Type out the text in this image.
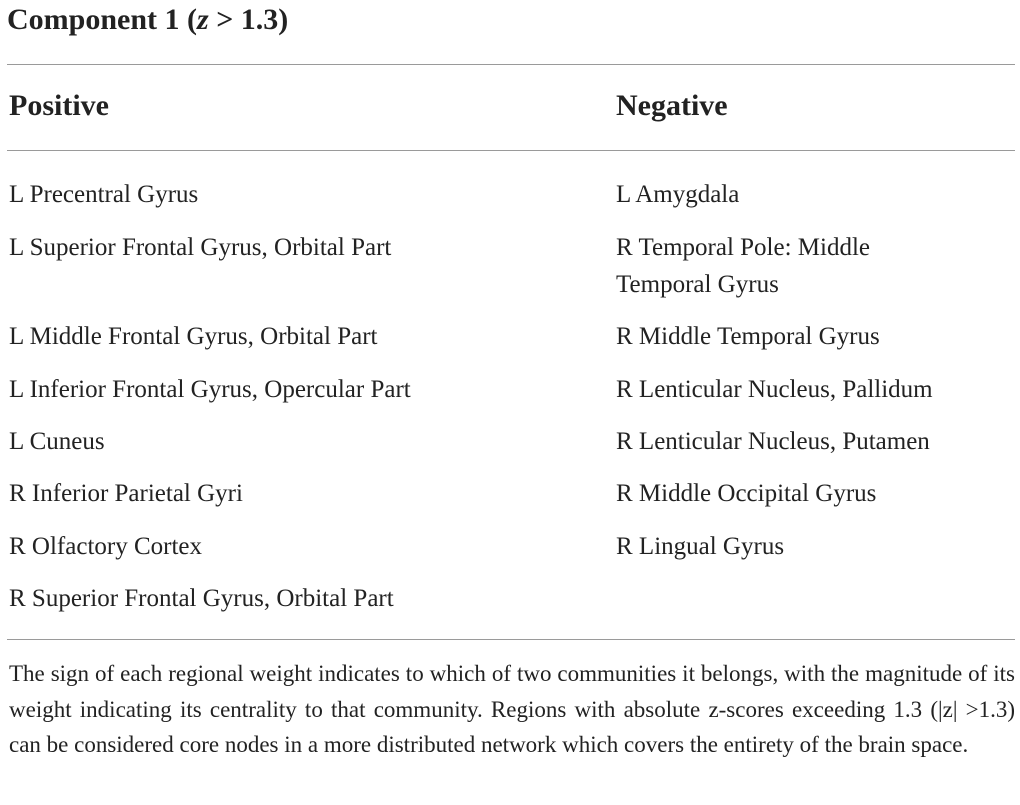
Component 1 (z > 1.3)
Positive	Negative
L Precentral Gyrus	L Amygdala
L Superior Frontal Gyrus, Orbital Part	R Temporal Pole: Middle
Temporal Gyrus
L Middle Frontal Gyrus, Orbital Part	R Middle Temporal Gyrus
L Inferior Frontal Gyrus, Opercular Part	R Lenticular Nucleus, Pallidum
L Cuneus	R Lenticular Nucleus, Putamen
R Inferior Parietal Gyri	R Middle Occipital Gyrus
R Olfactory Cortex	R Lingual Gyrus
R Superior Frontal Gyrus, Orbital Part

The sign of each regional weight indicates to which of two communities it belongs, with the magnitude of its weight indicating its centrality to that community. Regions with absolute z-scores exceeding 1.3 (|z| >1.3) can be considered core nodes in a more distributed network which covers the entirety of the brain space.
